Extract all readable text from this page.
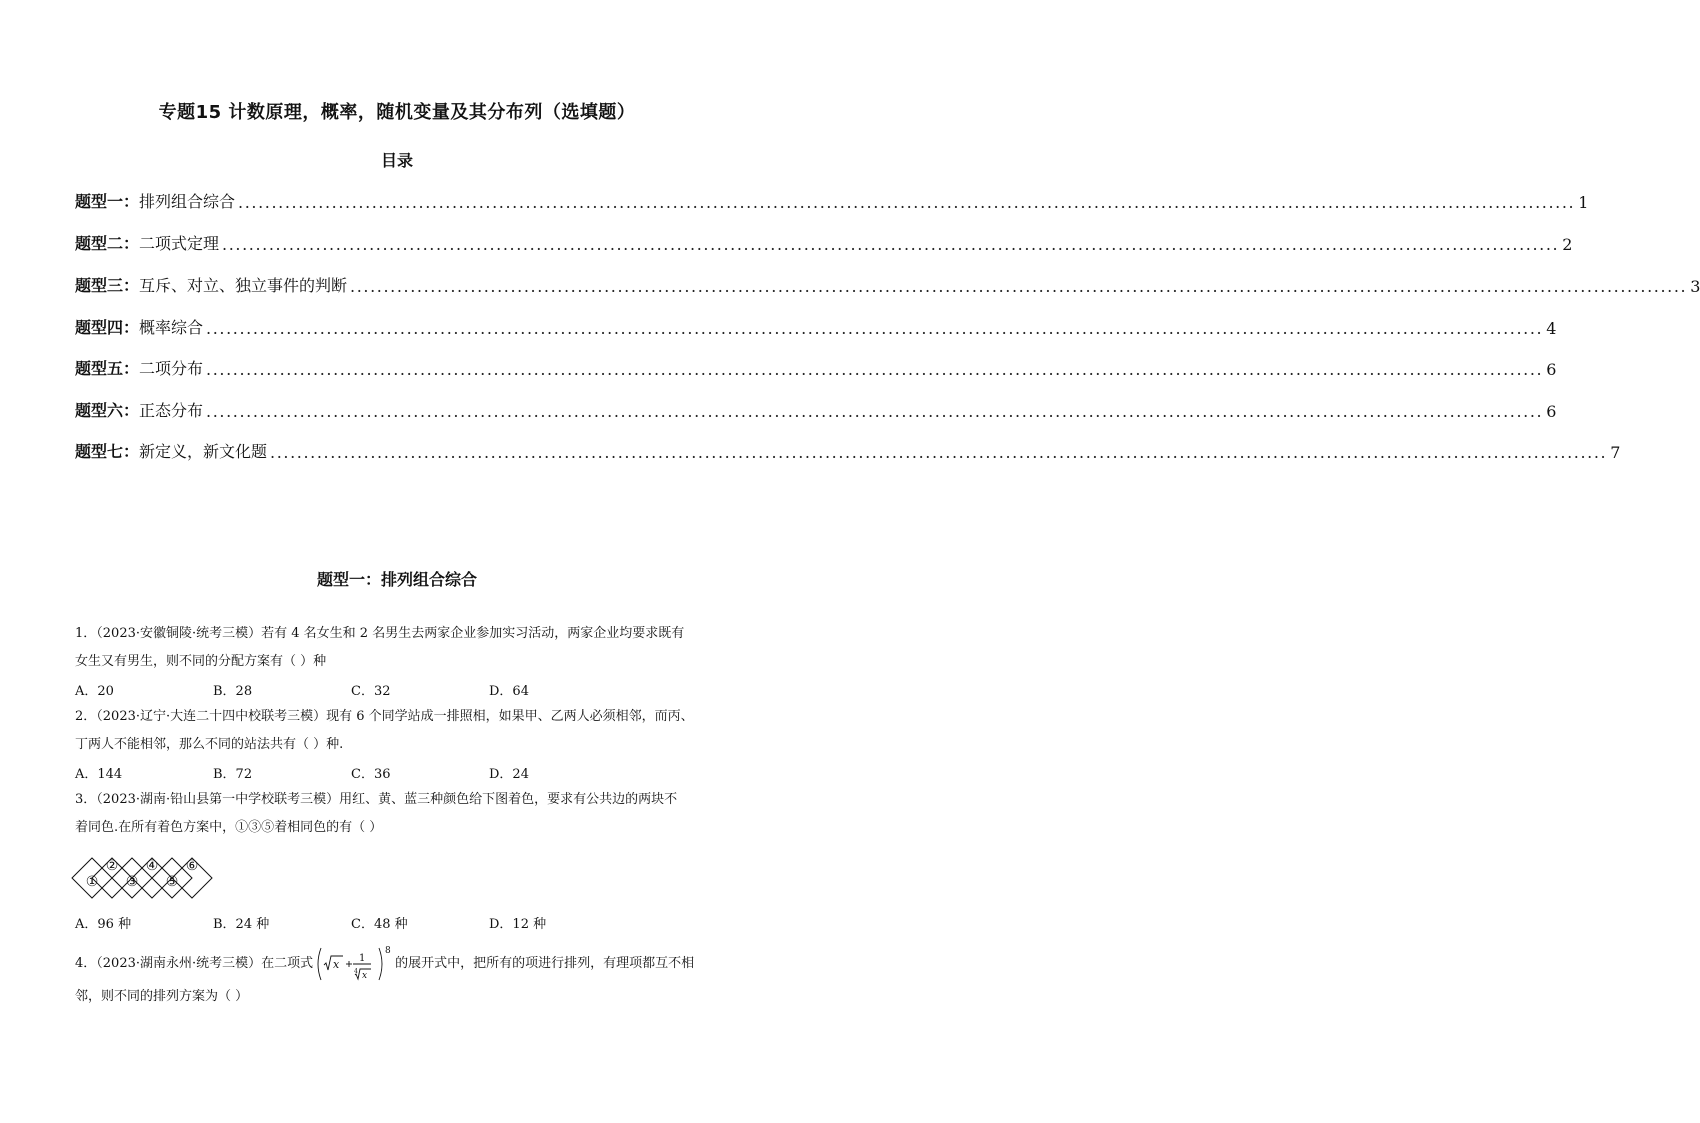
专题15 计数原理，概率，随机变量及其分布列（选填题）
目录
题型一：排列组合综合 ........................................................................................................................................................................................................ 1
题型二：二项式定理 ........................................................................................................................................................................................................ 2
题型三：互斥、对立、独立事件的判断 ........................................................................................................................................................................................................ 3
题型四：概率综合 ........................................................................................................................................................................................................ 4
题型五：二项分布 ........................................................................................................................................................................................................ 6
题型六：正态分布 ........................................................................................................................................................................................................ 6
题型七：新定义，新文化题 ........................................................................................................................................................................................................ 7
题型一：排列组合综合
1．（2023·安徽铜陵·统考三模）若有 4 名女生和 2 名男生去两家企业参加实习活动，两家企业均要求既有
女生又有男生，则不同的分配方案有（ ）种
A．20	B．28	C．32	D．64
2．（2023·辽宁·大连二十四中校联考三模）现有 6 个同学站成一排照相，如果甲、乙两人必须相邻，而丙、
丁两人不能相邻，那么不同的站法共有（ ）种.
A．144	B．72	C．36	D．24
3．（2023·湖南·铅山县第一中学校联考三模）用红、黄、蓝三种颜色给下图着色，要求有公共边的两块不
着同色.在所有着色方案中，①③⑤着相同色的有（ ）
①
②
③
④
⑤
⑥
A．96 种	B．24 种	C．48 种	D．12 种
4．（2023·湖南永州·统考三模）在二项式 x 1
x
4
8
的展开式中，把所有的项进行排列，有理项都互不相
邻，则不同的排列方案为（ ）
